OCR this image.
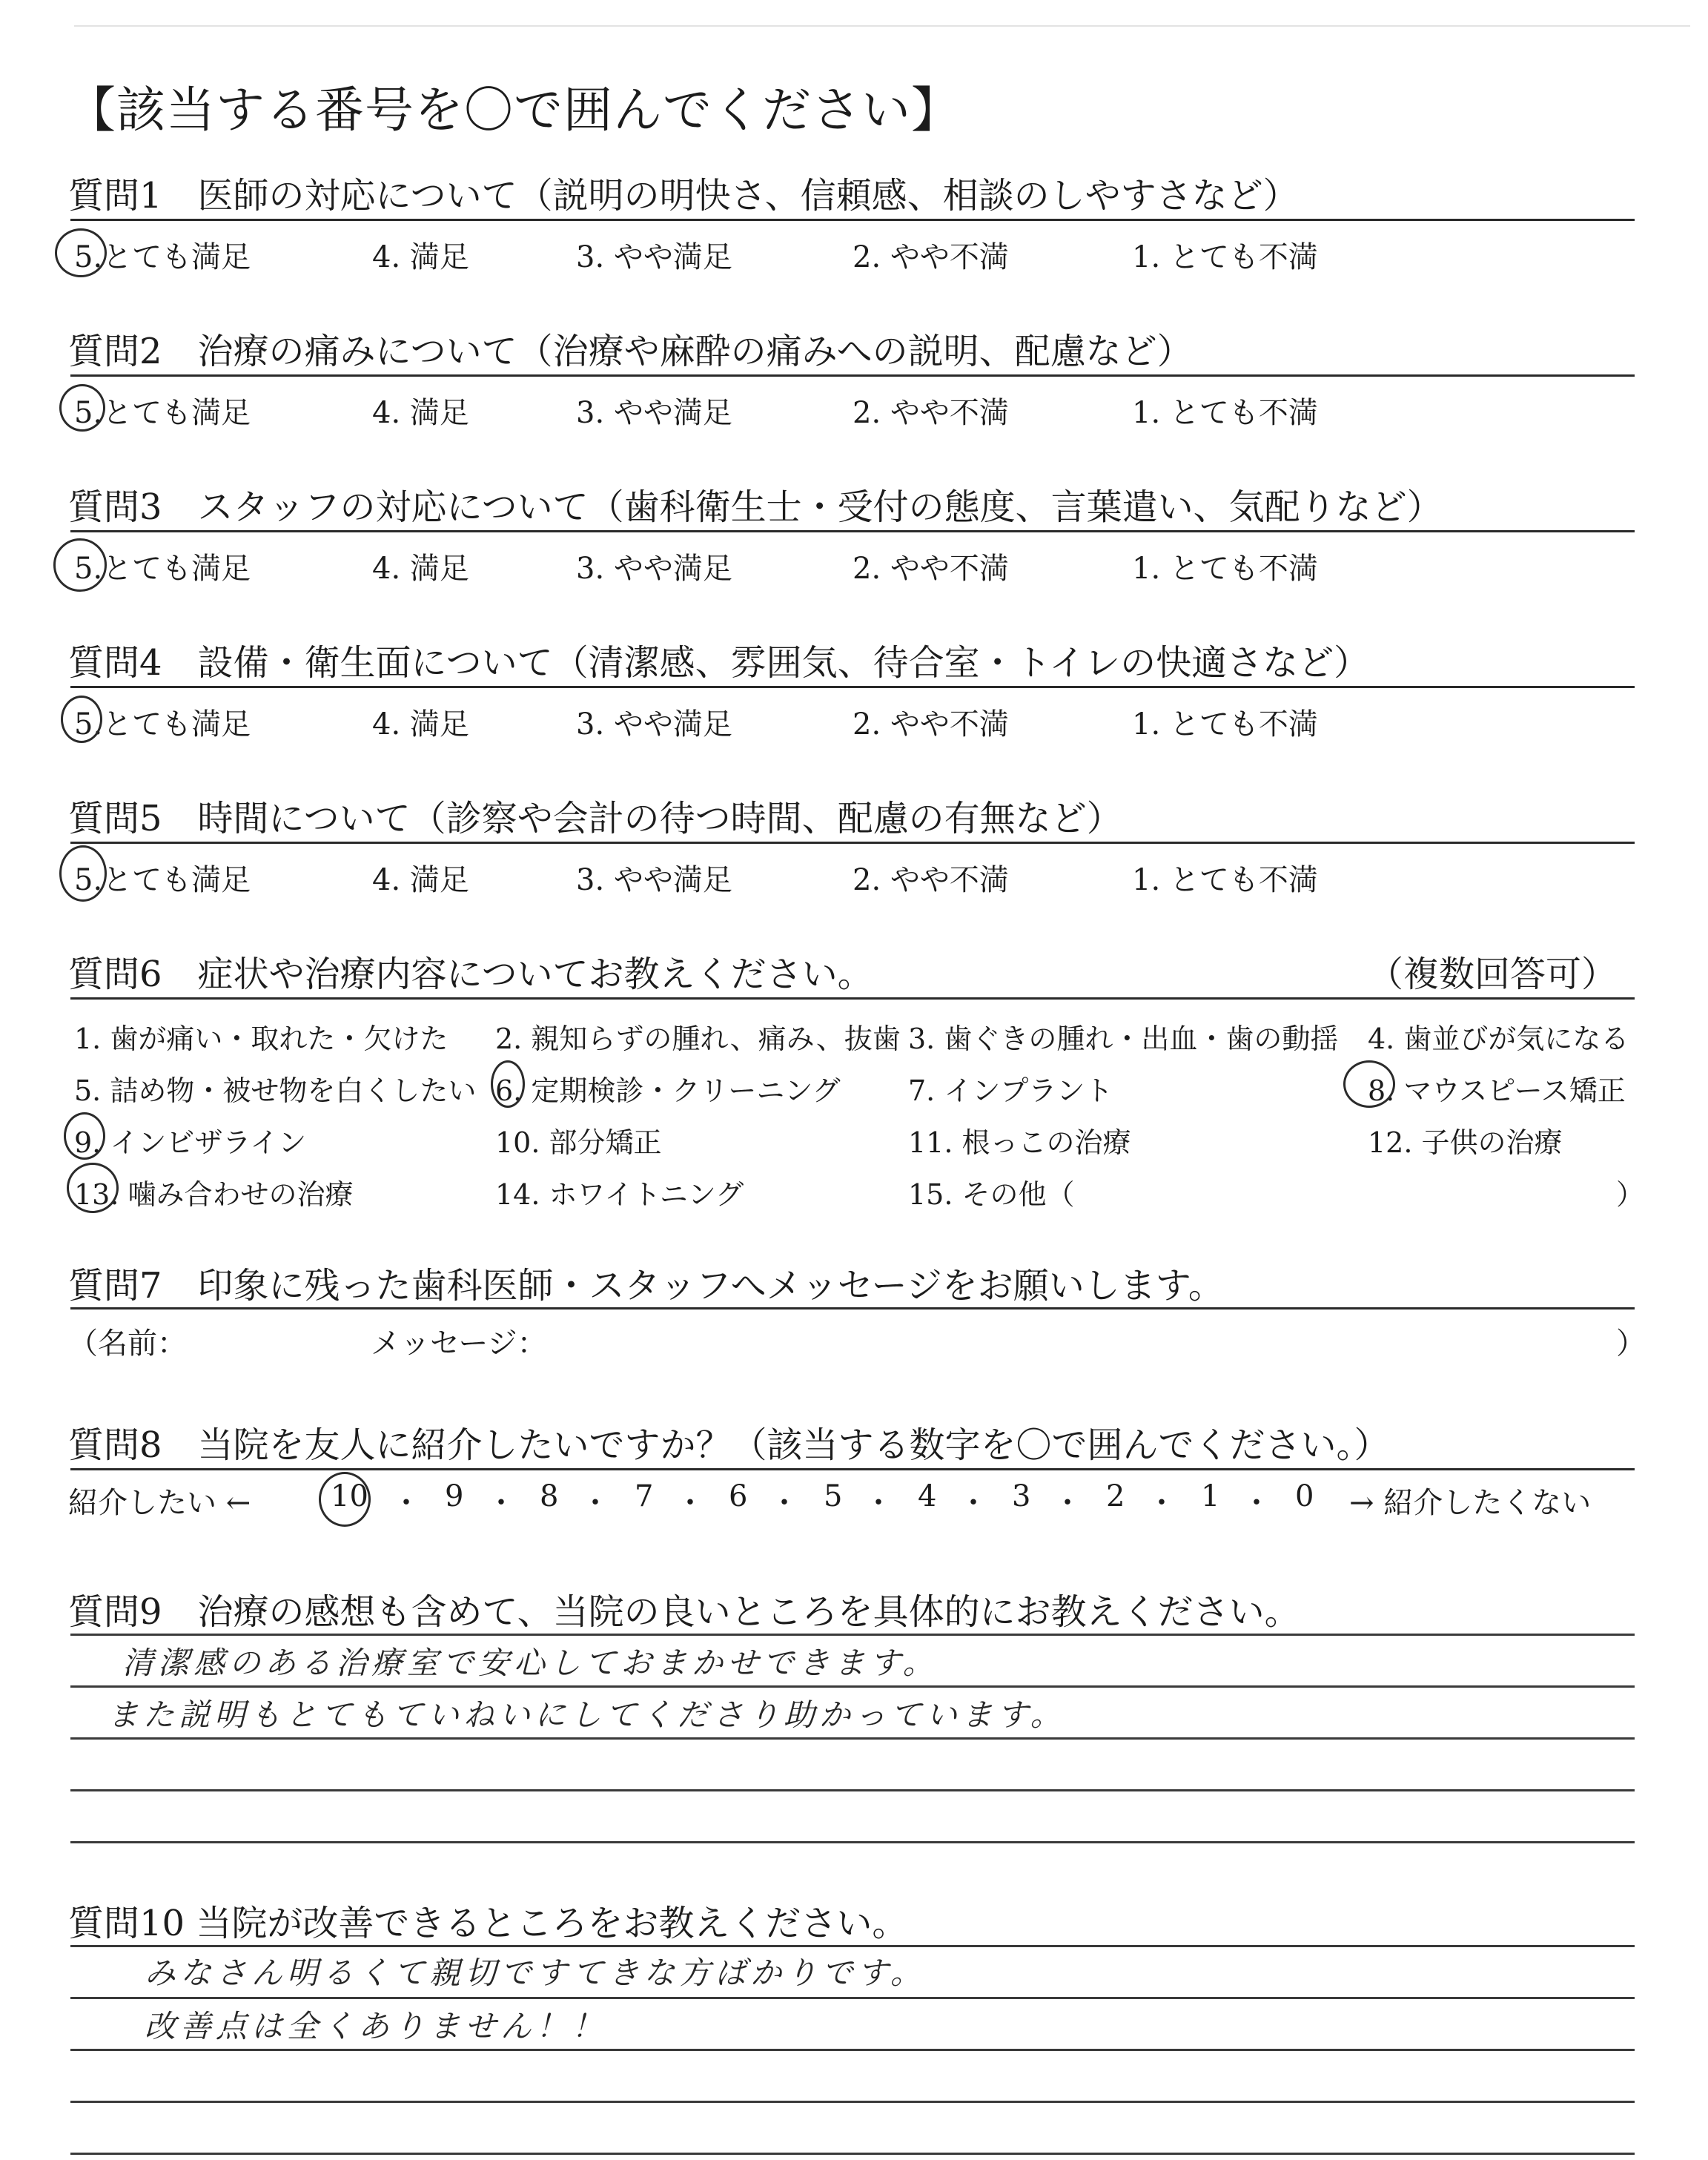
【該当する番号を〇で囲んでください】
質問1　医師の対応について（説明の明快さ、信頼感、相談のしやすさなど）
5.とても満足	4. 満足	3. やや満足	2. やや不満	1. とても不満
質問2　治療の痛みについて（治療や麻酔の痛みへの説明、配慮など）
5.とても満足	4. 満足	3. やや満足	2. やや不満	1. とても不満
質問3　スタッフの対応について（歯科衛生士・受付の態度、言葉遣い、気配りなど）
5.とても満足	4. 満足	3. やや満足	2. やや不満	1. とても不満
質問4　設備・衛生面について（清潔感、雰囲気、待合室・トイレの快適さなど）
5.とても満足	4. 満足	3. やや満足	2. やや不満	1. とても不満
質問5　時間について（診察や会計の待つ時間、配慮の有無など）
5.とても満足	4. 満足	3. やや満足	2. やや不満	1. とても不満
質問6　症状や治療内容についてお教えください。	（複数回答可）
1. 歯が痛い・取れた・欠けた 2. 親知らずの腫れ、痛み、抜歯 3. 歯ぐきの腫れ・出血・歯の動揺 4. 歯並びが気になる
5. 詰め物・被せ物を白くしたい 6. 定期検診・クリーニング 7. インプラント	8. マウスピース矯正
9. インビザライン	10. 部分矯正	11. 根っこの治療	12. 子供の治療
13. 噛み合わせの治療	14. ホワイトニング	15. その他（	）
質問7　印象に残った歯科医師・スタッフへメッセージをお願いします。
（名前：	メッセージ：	）
質問8　当院を友人に紹介したいですか？（該当する数字を〇で囲んでください。）
紹介したい ←	→ 紹介したくない
10	9	8	7	6	5	4	3	2	1	0
・ ・ ・ ・ ・ ・ ・ ・ ・ ・
質問9　治療の感想も含めて、当院の良いところを具体的にお教えください。
清潔感のある治療室で安心しておまかせできます。
また説明もとてもていねいにしてくださり助かっています。
質問10 当院が改善できるところをお教えください。
みなさん明るくて親切ですてきな方ばかりです。
改善点は全くありません！！
